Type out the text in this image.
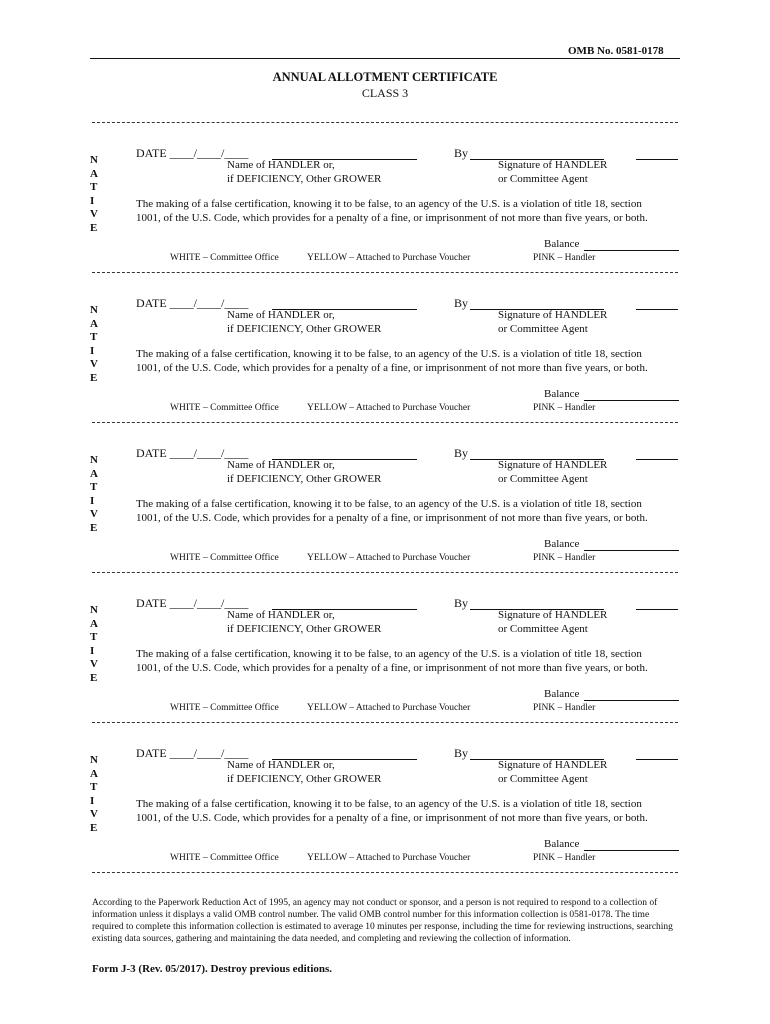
OMB No. 0581-0178
ANNUAL ALLOTMENT CERTIFICATE
CLASS 3
N
A
T
I
V
E
DATE ____/____/____	By
Name of HANDLER or,
if DEFICIENCY, Other GROWER
Signature of HANDLER
or Committee Agent
The making of a false certification, knowing it to be false, to an agency of the U.S. is a violation of title 18, section
1001, of the U.S. Code, which provides for a penalty of a fine, or imprisonment of not more than five years, or both.
Balance
WHITE – Committee Office	YELLOW – Attached to Purchase Voucher	PINK – Handler
N
A
T
I
V
E
DATE ____/____/____	By
Name of HANDLER or,
if DEFICIENCY, Other GROWER
Signature of HANDLER
or Committee Agent
The making of a false certification, knowing it to be false, to an agency of the U.S. is a violation of title 18, section
1001, of the U.S. Code, which provides for a penalty of a fine, or imprisonment of not more than five years, or both.
Balance
WHITE – Committee Office	YELLOW – Attached to Purchase Voucher	PINK – Handler
N
A
T
I
V
E
DATE ____/____/____	By
Name of HANDLER or,
if DEFICIENCY, Other GROWER
Signature of HANDLER
or Committee Agent
The making of a false certification, knowing it to be false, to an agency of the U.S. is a violation of title 18, section
1001, of the U.S. Code, which provides for a penalty of a fine, or imprisonment of not more than five years, or both.
Balance
WHITE – Committee Office	YELLOW – Attached to Purchase Voucher	PINK – Handler
N
A
T
I
V
E
DATE ____/____/____	By
Name of HANDLER or,
if DEFICIENCY, Other GROWER
Signature of HANDLER
or Committee Agent
The making of a false certification, knowing it to be false, to an agency of the U.S. is a violation of title 18, section
1001, of the U.S. Code, which provides for a penalty of a fine, or imprisonment of not more than five years, or both.
Balance
WHITE – Committee Office	YELLOW – Attached to Purchase Voucher	PINK – Handler
N
A
T
I
V
E
DATE ____/____/____	By
Name of HANDLER or,
if DEFICIENCY, Other GROWER
Signature of HANDLER
or Committee Agent
The making of a false certification, knowing it to be false, to an agency of the U.S. is a violation of title 18, section
1001, of the U.S. Code, which provides for a penalty of a fine, or imprisonment of not more than five years, or both.
Balance
WHITE – Committee Office	YELLOW – Attached to Purchase Voucher	PINK – Handler
According to the Paperwork Reduction Act of 1995, an agency may not conduct or sponsor, and a person is not required to respond to a collection of information unless it displays a valid OMB control number. The valid OMB control number for this information collection is 0581-0178. The time required to complete this information collection is estimated to average 10 minutes per response, including the time for reviewing instructions, searching existing data sources, gathering and maintaining the data needed, and completing and reviewing the collection of information.
Form J-3 (Rev. 05/2017). Destroy previous editions.
